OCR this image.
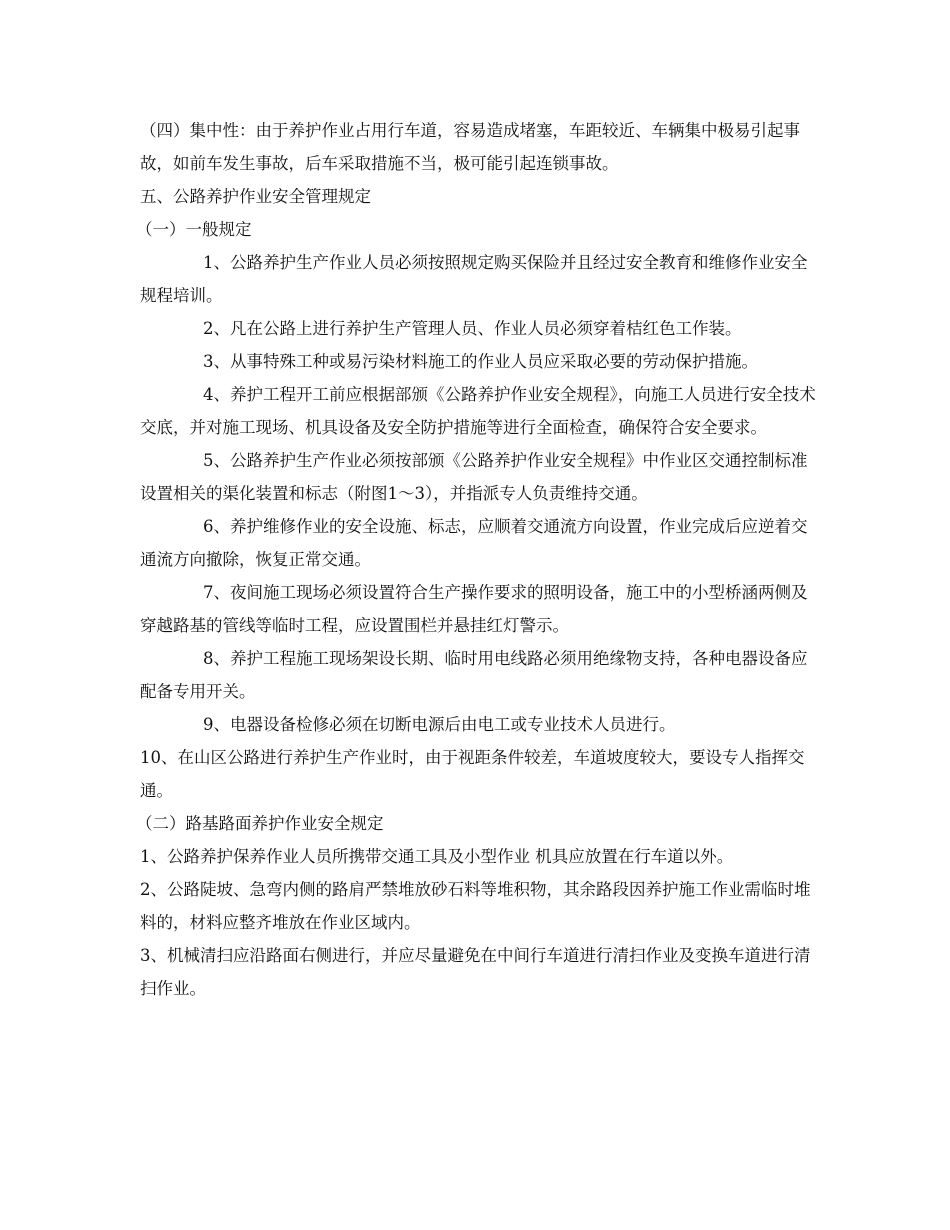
（四）集中性：由于养护作业占用行车道，容易造成堵塞，车距较近、车辆集中极易引起事故，如前车发生事故，后车采取措施不当，极可能引起连锁事故。

五、公路养护作业安全管理规定

（一）一般规定

1、公路养护生产作业人员必须按照规定购买保险并且经过安全教育和维修作业安全规程培训。

2、凡在公路上进行养护生产管理人员、作业人员必须穿着桔红色工作装。

3、从事特殊工种或易污染材料施工的作业人员应采取必要的劳动保护措施。

4、养护工程开工前应根据部颁《公路养护作业安全规程》，向施工人员进行安全技术交底，并对施工现场、机具设备及安全防护措施等进行全面检查，确保符合安全要求。

5、公路养护生产作业必须按部颁《公路养护作业安全规程》中作业区交通控制标准设置相关的渠化装置和标志（附图1～3），并指派专人负责维持交通。

6、养护维修作业的安全设施、标志，应顺着交通流方向设置，作业完成后应逆着交通流方向撤除，恢复正常交通。

7、夜间施工现场必须设置符合生产操作要求的照明设备，施工中的小型桥涵两侧及穿越路基的管线等临时工程，应设置围栏并悬挂红灯警示。

8、养护工程施工现场架设长期、临时用电线路必须用绝缘物支持，各种电器设备应配备专用开关。

9、电器设备检修必须在切断电源后由电工或专业技术人员进行。

10、在山区公路进行养护生产作业时，由于视距条件较差，车道坡度较大，要设专人指挥交通。

（二）路基路面养护作业安全规定

1、公路养护保养作业人员所携带交通工具及小型作业 机具应放置在行车道以外。

2、公路陡坡、急弯内侧的路肩严禁堆放砂石料等堆积物，其余路段因养护施工作业需临时堆料的，材料应整齐堆放在作业区域内。

3、机械清扫应沿路面右侧进行，并应尽量避免在中间行车道进行清扫作业及变换车道进行清扫作业。
